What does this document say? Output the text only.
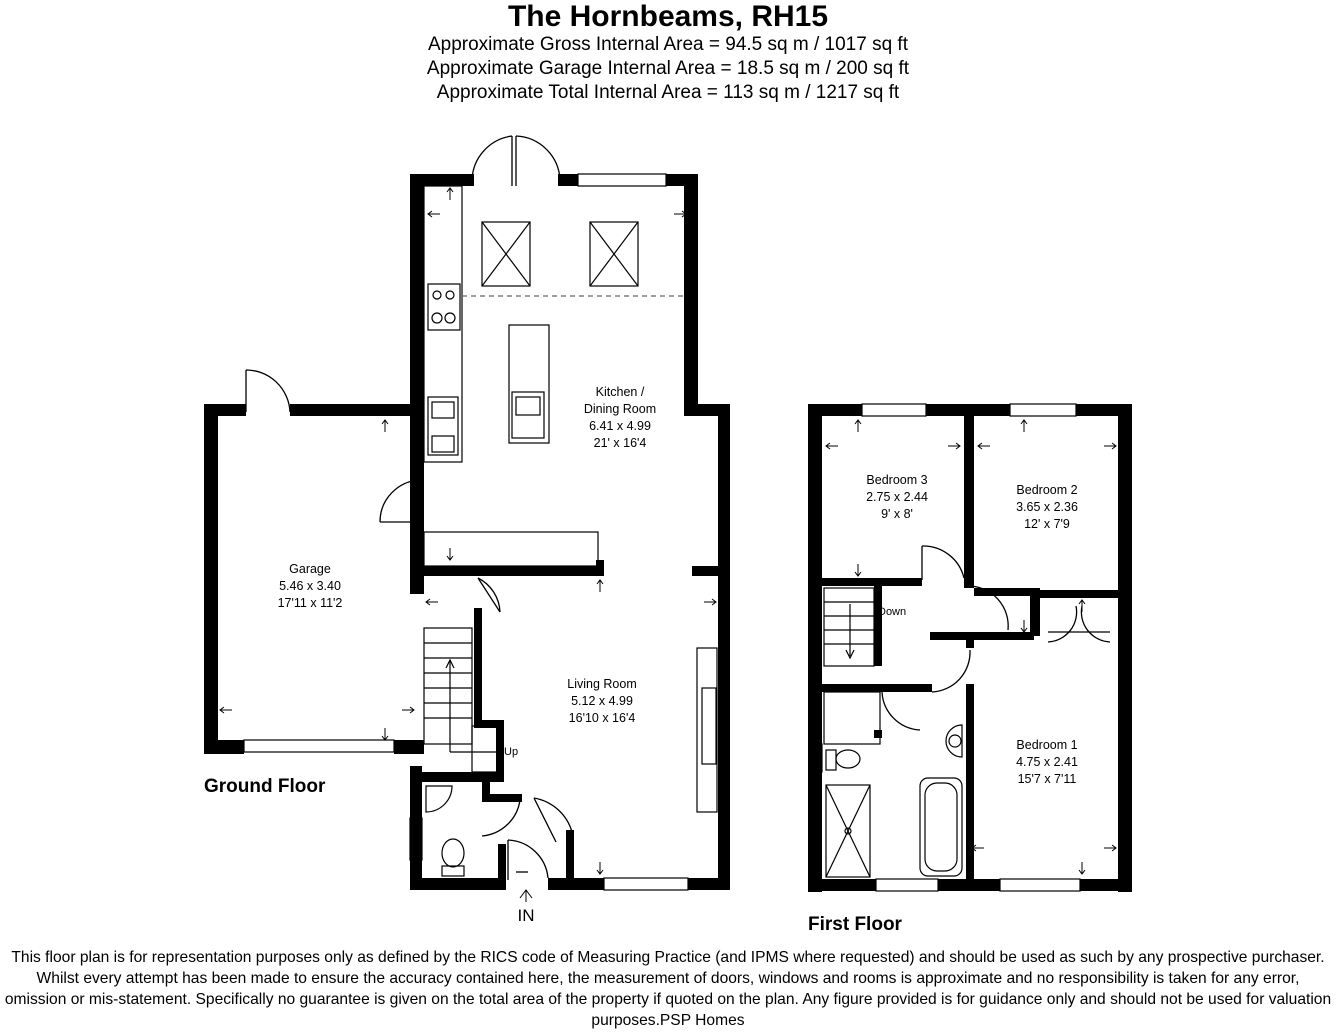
The Hornbeams, RH15
Approximate Gross Internal Area = 94.5 sq m / 1017 sq ft
Approximate Garage Internal Area = 18.5 sq m / 200 sq ft
Approximate Total Internal Area = 113 sq m / 1217 sq ft
Kitchen /
Dining Room
6.41 x 4.99
21' x 16'4
Garage
5.46 x 3.40
17'11 x 11'2
Living Room
5.12 x 4.99
16'10 x 16'4
Bedroom 3
2.75 x 2.44
9' x 8'
Bedroom 2
3.65 x 2.36
12' x 7'9
Bedroom 1
4.75 x 2.41
15'7 x 7'11
Up
Down
IN
Ground Floor
First Floor
This floor plan is for representation purposes only as defined by the RICS code of Measuring Practice (and IPMS where requested) and should be used as such by any prospective purchaser. Whilst every attempt has been made to ensure the accuracy contained here, the measurement of doors, windows and rooms is approximate and no responsibility is taken for any error, omission or mis-statement. Specifically no guarantee is given on the total area of the property if quoted on the plan. Any figure provided is for guidance only and should not be used for valuation purposes.PSP Homes
